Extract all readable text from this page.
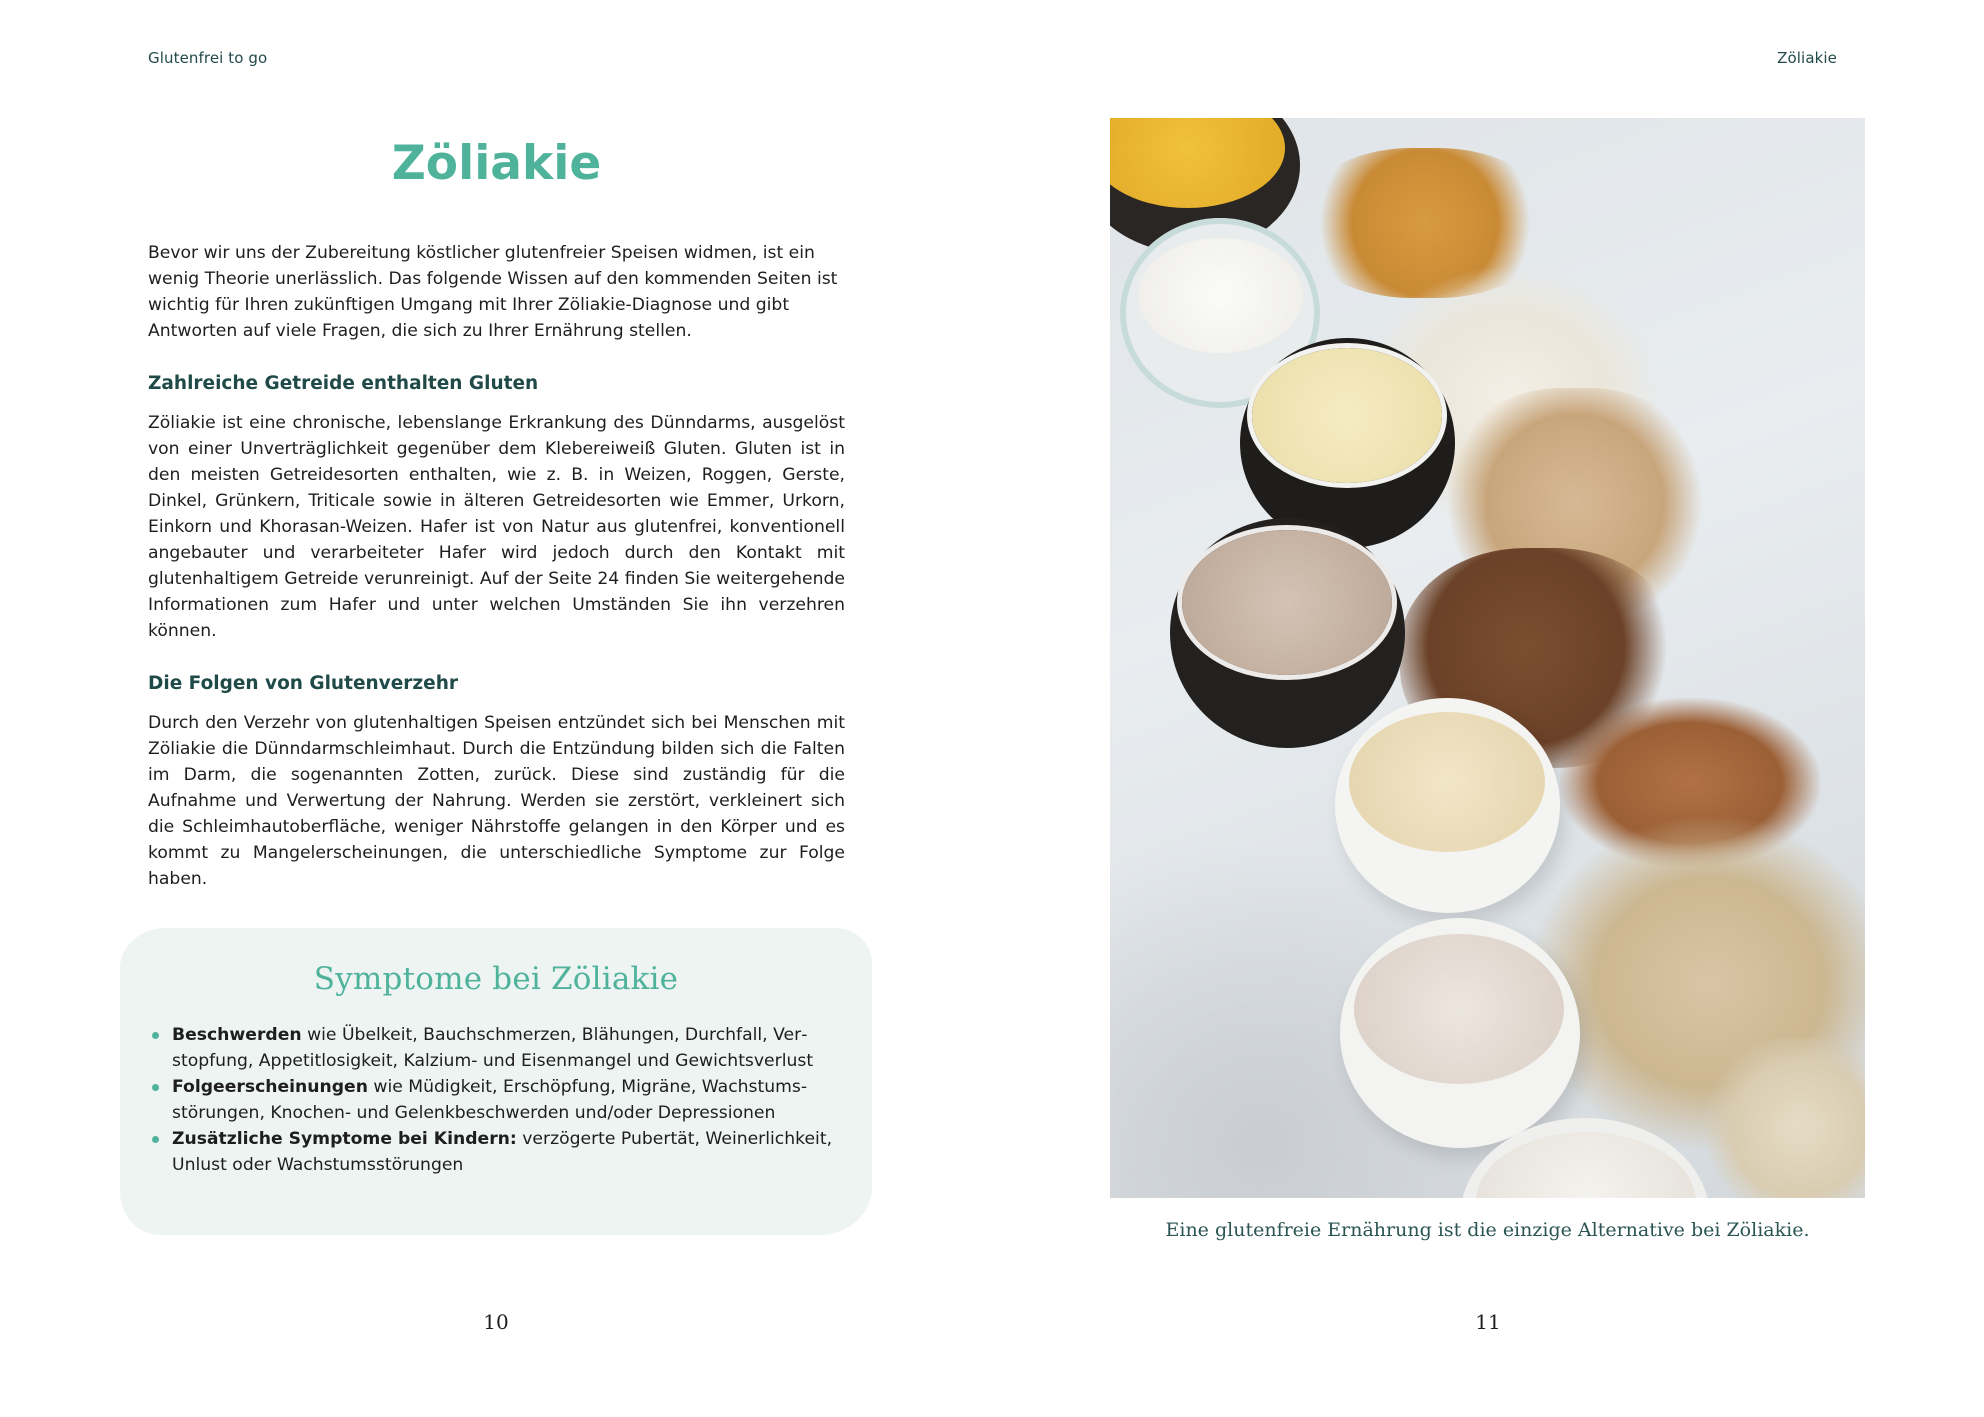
Glutenfrei to go
Zöliakie

Bevor wir uns der Zubereitung köstlicher glutenfreier Speisen widmen, ist ein wenig Theorie unerlässlich. Das folgende Wissen auf den kommenden Seiten ist wichtig für Ihren zukünftigen Umgang mit Ihrer Zöliakie-Diagnose und gibt Antworten auf viele Fragen, die sich zu Ihrer Ernährung stellen.

Zahlreiche Getreide enthalten Gluten

Zöliakie ist eine chronische, lebenslange Erkrankung des Dünndarms, ausgelöst von einer Unverträglichkeit gegenüber dem Klebereiweiß Gluten. Gluten ist in den meisten Getreidesorten enthalten, wie z. B. in Weizen, Roggen, Gerste, Dinkel, Grünkern, Triticale sowie in älteren Getreidesorten wie Emmer, Urkorn, Einkorn und Khorasan-Weizen. Hafer ist von Natur aus glutenfrei, konventionell angebauter und verarbeiteter Hafer wird jedoch durch den Kontakt mit glutenhaltigem Getreide verunreinigt. Auf der Seite 24 finden Sie weitergehende Informationen zum Hafer und unter welchen Umständen Sie ihn verzehren können.

Die Folgen von Glutenverzehr

Durch den Verzehr von glutenhaltigen Speisen entzündet sich bei Menschen mit Zöliakie die Dünndarmschleimhaut. Durch die Entzündung bilden sich die Falten im Darm, die sogenannten Zotten, zurück. Diese sind zuständig für die Aufnahme und Verwertung der Nahrung. Werden sie zerstört, verkleinert sich die Schleimhautoberfläche, weniger Nährstoffe gelangen in den Körper und es kommt zu Mangelerscheinungen, die unterschiedliche Symptome zur Folge haben.

Symptome bei Zöliakie
Beschwerden wie Übelkeit, Bauchschmerzen, Blähungen, Durchfall, Verstopfung, Appetitlosigkeit, Kalzium- und Eisenmangel und Gewichtsverlust
Folgeerscheinungen wie Müdigkeit, Erschöpfung, Migräne, Wachstumsstörungen, Knochen- und Gelenkbeschwerden und/oder Depressionen
Zusätzliche Symptome bei Kindern: verzögerte Pubertät, Weinerlichkeit, Unlust oder Wachstumsstörungen
10
Zöliakie
Eine glutenfreie Ernährung ist die einzige Alternative bei Zöliakie.
11
